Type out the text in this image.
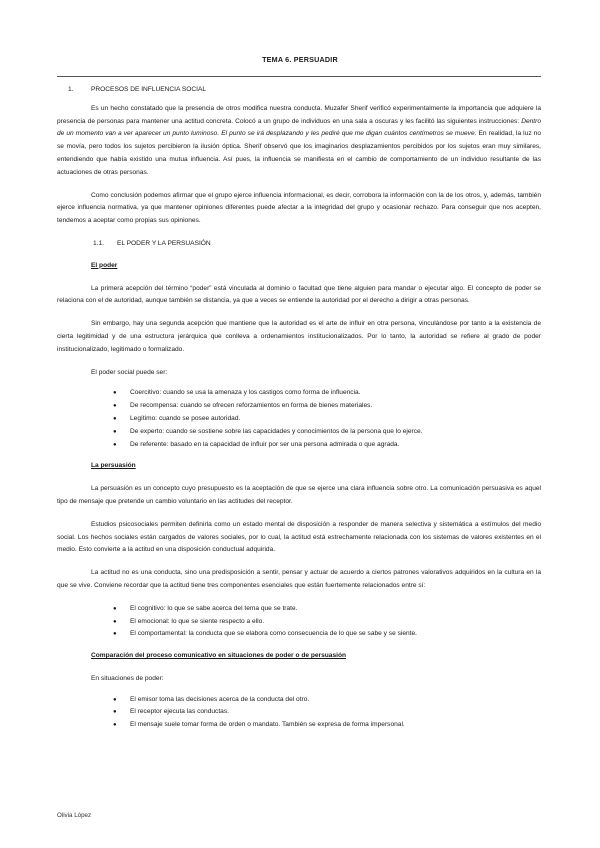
TEMA 6. PERSUADIR
1.	PROCESOS DE INFLUENCIA SOCIAL

Es un hecho constatado que la presencia de otros modifica nuestra conducta. Muzafer Sherif verificó experimentalmente la importancia que adquiere la presencia de personas para mantener una actitud concreta. Colocó a un grupo de individuos en una sala a oscuras y les facilitó las siguientes instrucciones: Dentro de un momento van a ver aparecer un punto luminoso. El punto se irá desplazando y les pediré que me digan cuántos centímetros se mueve. En realidad, la luz no se movía, pero todos los sujetos percibieron la ilusión óptica. Sherif observó que los imaginarios desplazamientos percibidos por los sujetos eran muy similares, entendiendo que había existido una mutua influencia. Así pues, la influencia se manifiesta en el cambio de comportamiento de un individuo resultante de las actuaciones de otras personas.

Como conclusión podemos afirmar que el grupo ejerce influencia informacional, es decir, corrobora la información con la de los otros, y, además, también ejerce influencia normativa, ya que mantener opiniones diferentes puede afectar a la integridad del grupo y ocasionar rechazo. Para conseguir que nos acepten, tendemos a aceptar como propias sus opiniones.

1.1. EL PODER Y LA PERSUASIÓN
El poder

La primera acepción del término “poder” está vinculada al dominio o facultad que tiene alguien para mandar o ejecutar algo. El concepto de poder se relaciona con el de autoridad, aunque también se distancia, ya que a veces se entiende la autoridad por el derecho a dirigir a otras personas.

Sin embargo, hay una segunda acepción que mantiene que la autoridad es el arte de influir en otra persona, vinculándose por tanto a la existencia de cierta legitimidad y de una estructura jerárquica que conlleva a ordenamientos institucionalizados. Por lo tanto, la autoridad se refiere al grado de poder institucionalizado, legitimado o formalizado.

El poder social puede ser:
● Coercitivo: cuando se usa la amenaza y los castigos como forma de influencia.
● De recompensa: cuando se ofrecen reforzamientos en forma de bienes materiales.
● Legítimo: cuando se posee autoridad.
● De experto: cuando se sostiene sobre las capacidades y conocimientos de la persona que lo ejerce.
● De referente: basado en la capacidad de influir por ser una persona admirada o que agrada.
La persuasión

La persuasión es un concepto cuyo presupuesto es la aceptación de que se ejerce una clara influencia sobre otro. La comunicación persuasiva es aquel tipo de mensaje que pretende un cambio voluntario en las actitudes del receptor.

Estudios psicosociales permiten definirla como un estado mental de disposición a responder de manera selectiva y sistemática a estímulos del medio social. Los hechos sociales están cargados de valores sociales, por lo cual, la actitud está estrechamente relacionada con los sistemas de valores existentes en el medio. Esto convierte a la actitud en una disposición conductual adquirida.

La actitud no es una conducta, sino una predisposición a sentir, pensar y actuar de acuerdo a ciertos patrones valorativos adquiridos en la cultura en la que se vive. Conviene recordar que la actitud tiene tres componentes esenciales que están fuertemente relacionados entre sí:

● El cognitivo: lo que se sabe acerca del tema que se trate.
● El emocional: lo que se siente respecto a ello.
● El comportamental: la conducta que se elabora como consecuencia de lo que se sabe y se siente.
Comparación del proceso comunicativo en situaciones de poder o de persuasión
En situaciones de poder:
● El emisor toma las decisiones acerca de la conducta del otro.
● El receptor ejecuta las conductas.
● El mensaje suele tomar forma de orden o mandato. También se expresa de forma impersonal.
Olivia López
